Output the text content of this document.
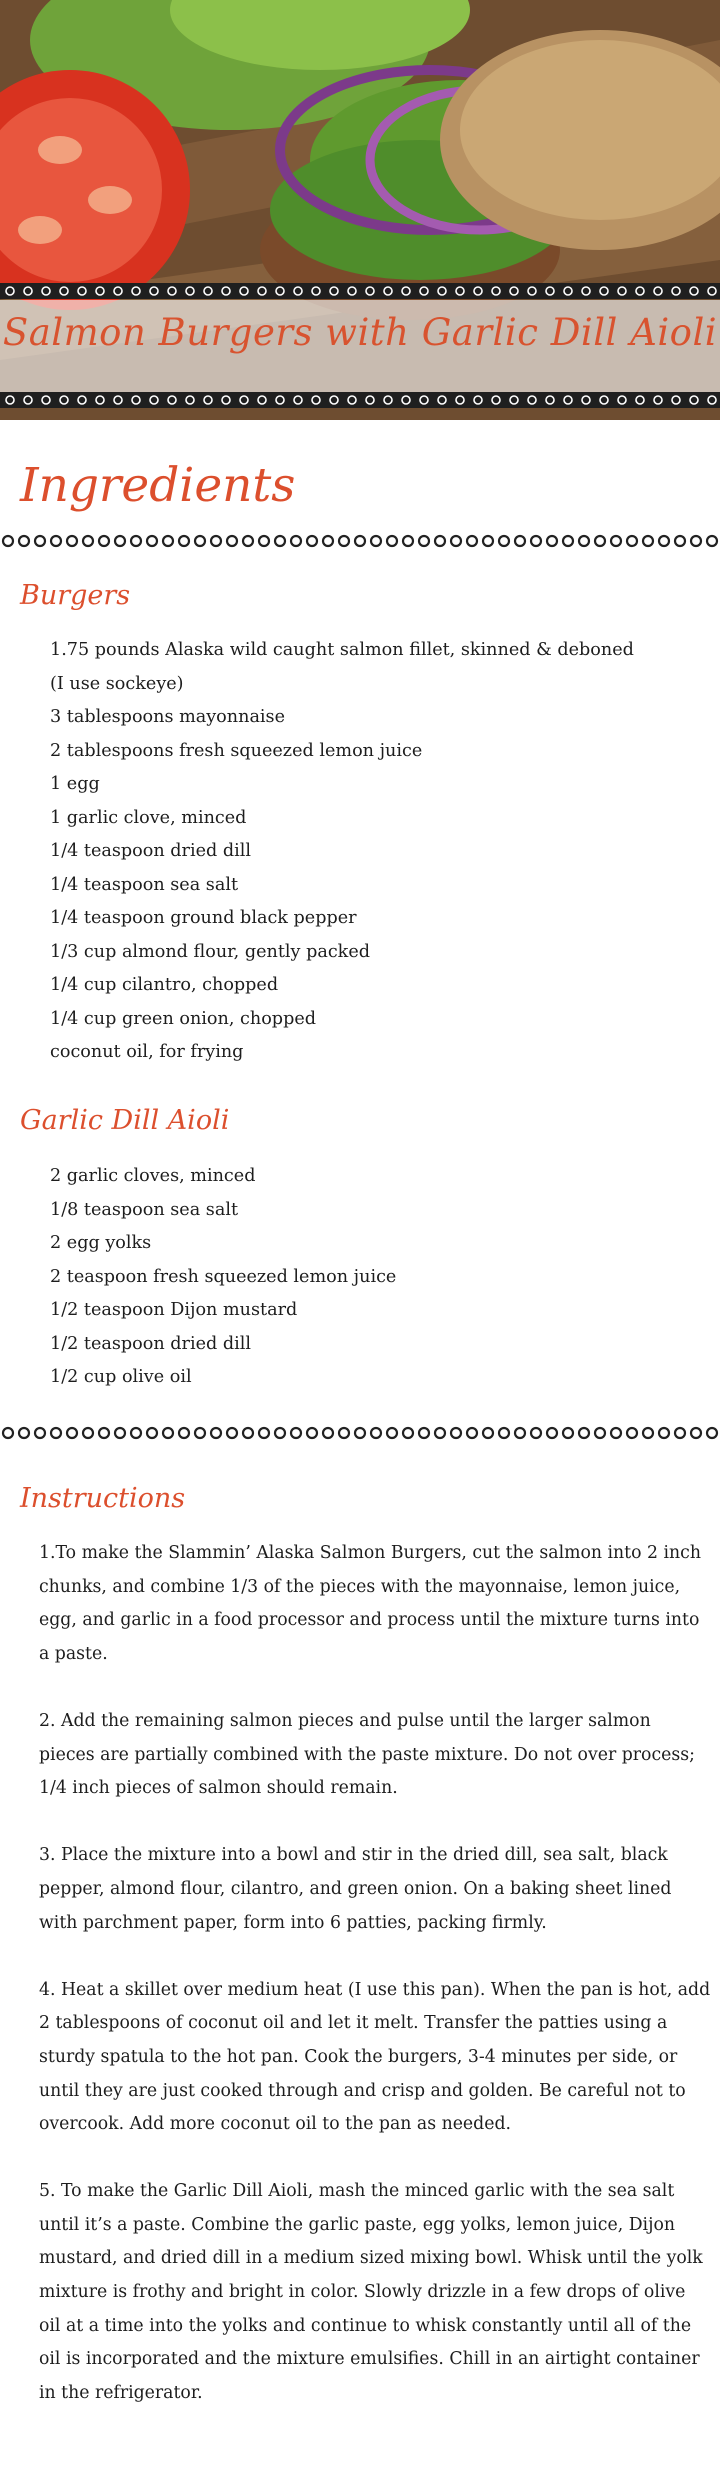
Salmon Burgers with Garlic Dill Aioli
Ingredients
Burgers
1.75 pounds Alaska wild caught salmon fillet, skinned & deboned
(I use sockeye)
3 tablespoons mayonnaise
2 tablespoons fresh squeezed lemon juice
1 egg
1 garlic clove, minced
1/4 teaspoon dried dill
1/4 teaspoon sea salt
1/4 teaspoon ground black pepper
1/3 cup almond flour, gently packed
1/4 cup cilantro, chopped
1/4 cup green onion, chopped
coconut oil, for frying
Garlic Dill Aioli
2 garlic cloves, minced
1/8 teaspoon sea salt
2 egg yolks
2 teaspoon fresh squeezed lemon juice
1/2 teaspoon Dijon mustard
1/2 teaspoon dried dill
1/2 cup olive oil
Instructions

1.To make the Slammin’ Alaska Salmon Burgers, cut the salmon into 2 inch chunks, and combine 1/3 of the pieces with the mayonnaise, lemon juice, egg, and garlic in a food processor and process until the mixture turns into a paste.

2. Add the remaining salmon pieces and pulse until the larger salmon pieces are partially combined with the paste mixture. Do not over process; 1/4 inch pieces of salmon should remain.

3. Place the mixture into a bowl and stir in the dried dill, sea salt, black pepper, almond flour, cilantro, and green onion. On a baking sheet lined with parchment paper, form into 6 patties, packing firmly.

4. Heat a skillet over medium heat (I use this pan). When the pan is hot, add 2 tablespoons of coconut oil and let it melt. Transfer the patties using a sturdy spatula to the hot pan. Cook the burgers, 3-4 minutes per side, or until they are just cooked through and crisp and golden. Be careful not to overcook. Add more coconut oil to the pan as needed.

5. To make the Garlic Dill Aioli, mash the minced garlic with the sea salt until it’s a paste. Combine the garlic paste, egg yolks, lemon juice, Dijon mustard, and dried dill in a medium sized mixing bowl. Whisk until the yolk mixture is frothy and bright in color. Slowly drizzle in a few drops of olive oil at a time into the yolks and continue to whisk constantly until all of the oil is incorporated and the mixture emulsifies. Chill in an airtight container in the refrigerator.
